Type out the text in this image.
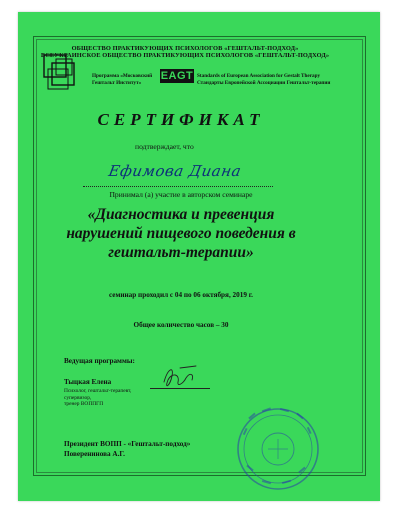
ОБЩЕСТВО ПРАКТИКУЮЩИХ ПСИХОЛОГОВ «ГЕШТАЛЬТ-ПОДХОД»
ВСЕУКРАИНСКОЕ ОБЩЕСТВО ПРАКТИКУЮЩИХ ПСИХОЛОГОВ «ГЕШТАЛЬТ-ПОДХОД»
Программа «Московский
Гештальт Институт»
EAGT Standards of European Association for Gestalt Therapy
Стандарты Европейской Ассоциации Гештальт-терапии
СЕРТИФИКАТ
подтверждает, что
Ефимова Диана
Принимал (а) участие в авторском семинаре
«Диагностика и превенция
нарушений пищевого поведения в
гештальт-терапии»
семинар проходил с 04 по 06 октября, 2019 г.
Общее количество часов – 30
Ведущая программы:
Тыцкая Елена
Психолог, гештальт-терапевт,
супервизор,
тренер ВОППГП
Президент ВОПП - «Гештальт-подход»
Поверенинова А.Г.
